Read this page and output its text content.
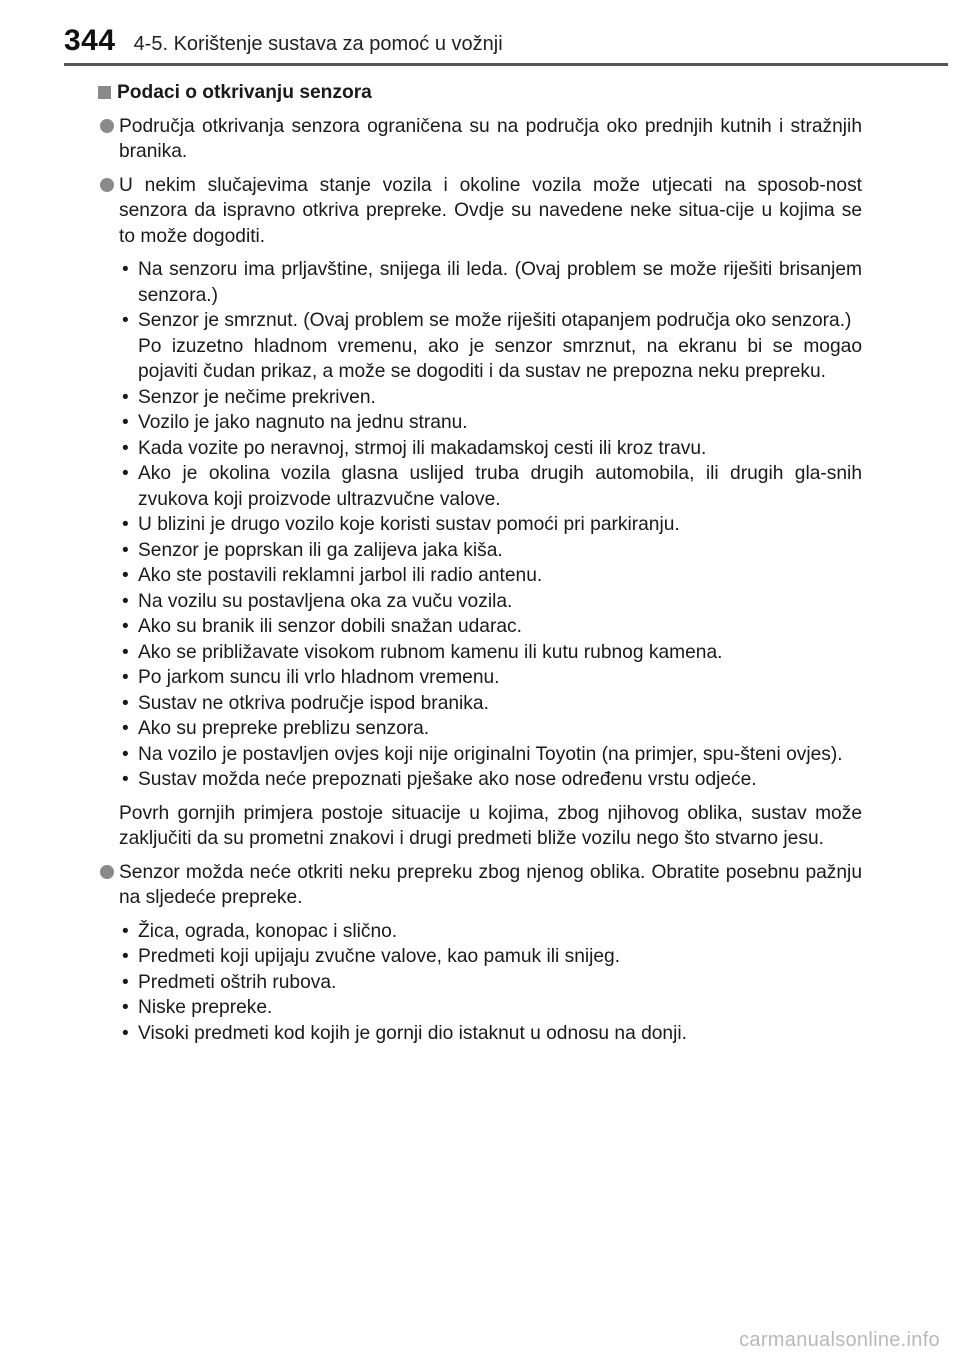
344 4-5. Korištenje sustava za pomoć u vožnji
Podaci o otkrivanju senzora
Područja otkrivanja senzora ograničena su na područja oko prednjih kutnih i stražnjih branika.
U nekim slučajevima stanje vozila i okoline vozila može utjecati na sposob-nost senzora da ispravno otkriva prepreke. Ovdje su navedene neke situa-cije u kojima se to može dogoditi.
• Na senzoru ima prljavštine, snijega ili leda. (Ovaj problem se može riješiti brisanjem senzora.)
• Senzor je smrznut. (Ovaj problem se može riješiti otapanjem područja oko senzora.)
Po izuzetno hladnom vremenu, ako je senzor smrznut, na ekranu bi se mogao pojaviti čudan prikaz, a može se dogoditi i da sustav ne prepozna neku prepreku.
• Senzor je nečime prekriven.
• Vozilo je jako nagnuto na jednu stranu.
• Kada vozite po neravnoj, strmoj ili makadamskoj cesti ili kroz travu.
• Ako je okolina vozila glasna uslijed truba drugih automobila, ili drugih gla-snih zvukova koji proizvode ultrazvučne valove.
• U blizini je drugo vozilo koje koristi sustav pomoći pri parkiranju.
• Senzor je poprskan ili ga zalijeva jaka kiša.
• Ako ste postavili reklamni jarbol ili radio antenu.
• Na vozilu su postavljena oka za vuču vozila.
• Ako su branik ili senzor dobili snažan udarac.
• Ako se približavate visokom rubnom kamenu ili kutu rubnog kamena.
• Po jarkom suncu ili vrlo hladnom vremenu.
• Sustav ne otkriva područje ispod branika.
• Ako su prepreke preblizu senzora.
• Na vozilo je postavljen ovjes koji nije originalni Toyotin (na primjer, spu-šteni ovjes).
• Sustav možda neće prepoznati pješake ako nose određenu vrstu odjeće.
Povrh gornjih primjera postoje situacije u kojima, zbog njihovog oblika, sustav može zaključiti da su prometni znakovi i drugi predmeti bliže vozilu nego što stvarno jesu.
Senzor možda neće otkriti neku prepreku zbog njenog oblika. Obratite posebnu pažnju na sljedeće prepreke.
• Žica, ograda, konopac i slično.
• Predmeti koji upijaju zvučne valove, kao pamuk ili snijeg.
• Predmeti oštrih rubova.
• Niske prepreke.
• Visoki predmeti kod kojih je gornji dio istaknut u odnosu na donji.
carmanualsonline.info
